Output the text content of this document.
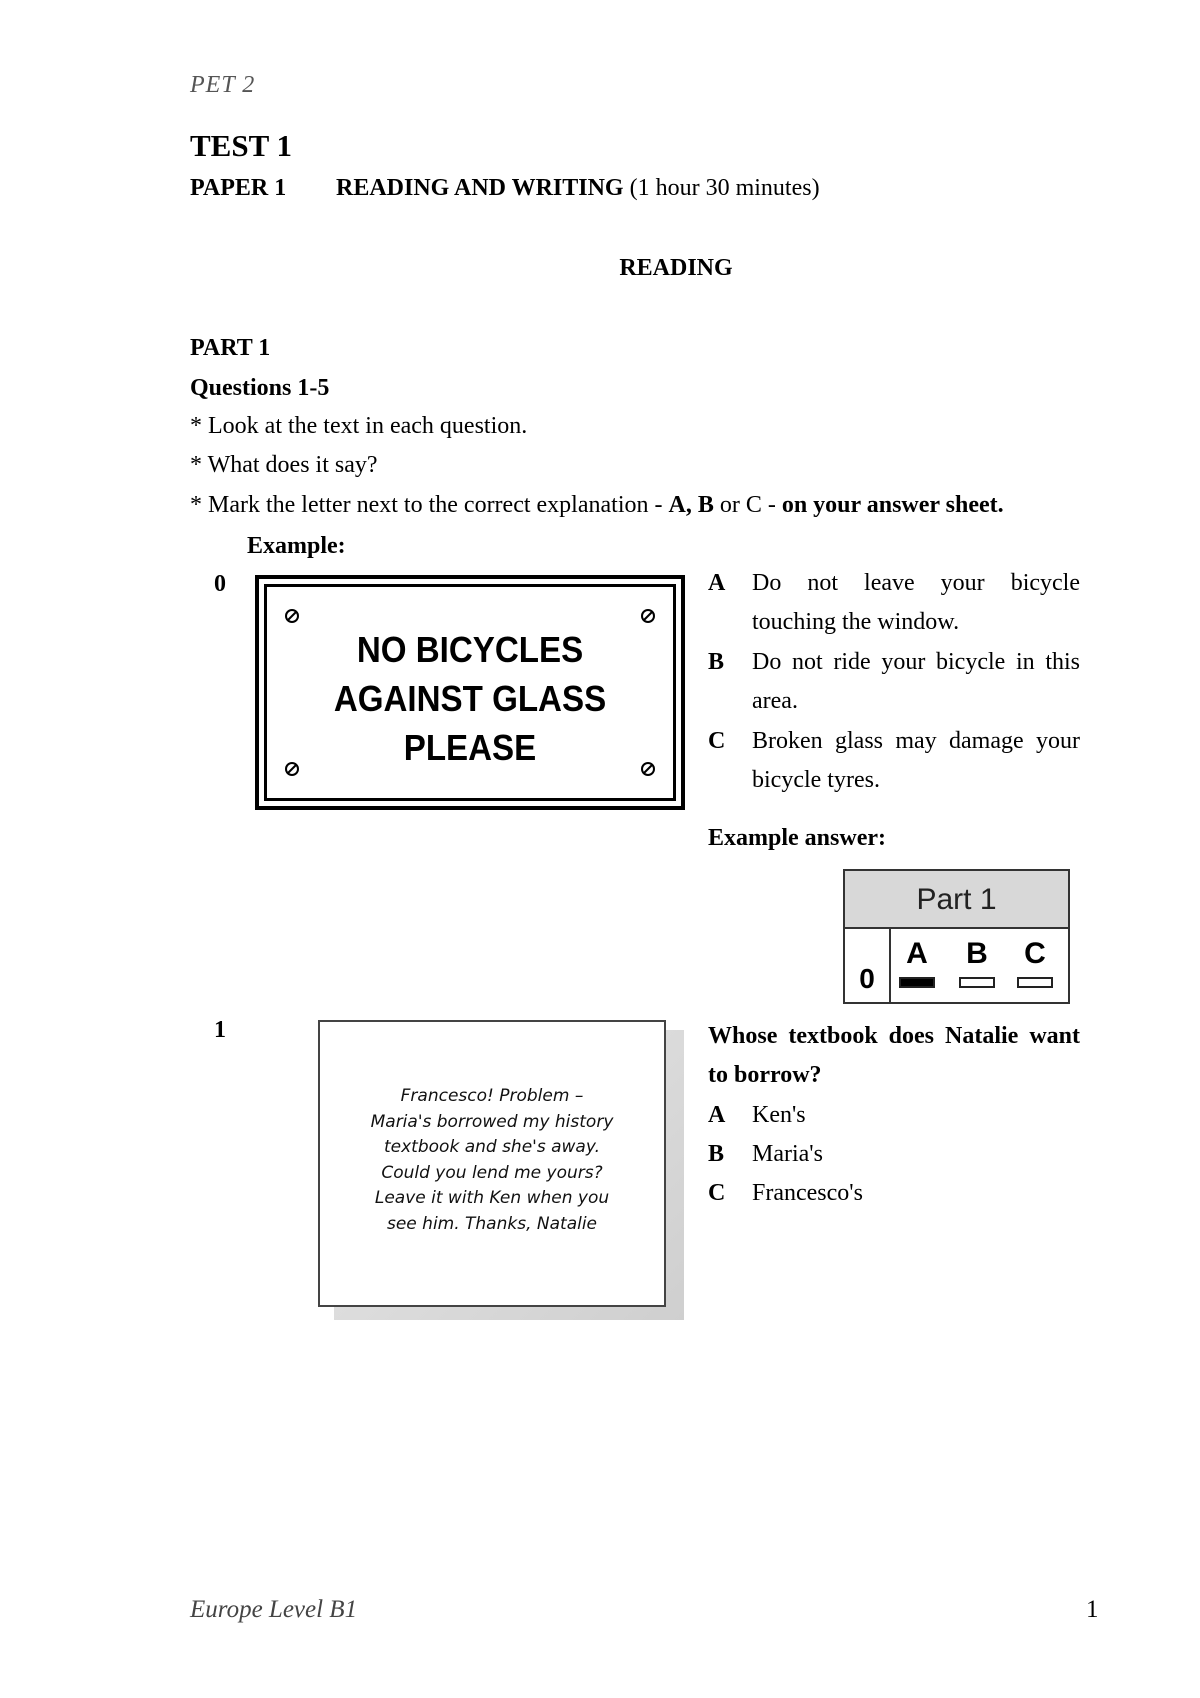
PET 2
TEST 1
PAPER 1 READING AND WRITING (1 hour 30 minutes)
READING
PART 1
Questions 1-5
* Look at the text in each question.
* What does it say?
* Mark the letter next to the correct explanation - A, B or C - on your answer sheet.
Example:
0
NO BICYCLES
AGAINST GLASS
PLEASE
A Do not leave your bicycle touching the window.
B Do not ride your bicycle in this area.
C Broken glass may damage your bicycle tyres.
Example answer:
Part 1
0
A	B	C
1
Francesco! Problem –
Maria's borrowed my history
textbook and she's away.
Could you lend me yours?
Leave it with Ken when you
see him. Thanks, Natalie
Whose textbook does Natalie want to borrow?
A Ken's
B Maria's
C Francesco's
Europe Level B1	1
